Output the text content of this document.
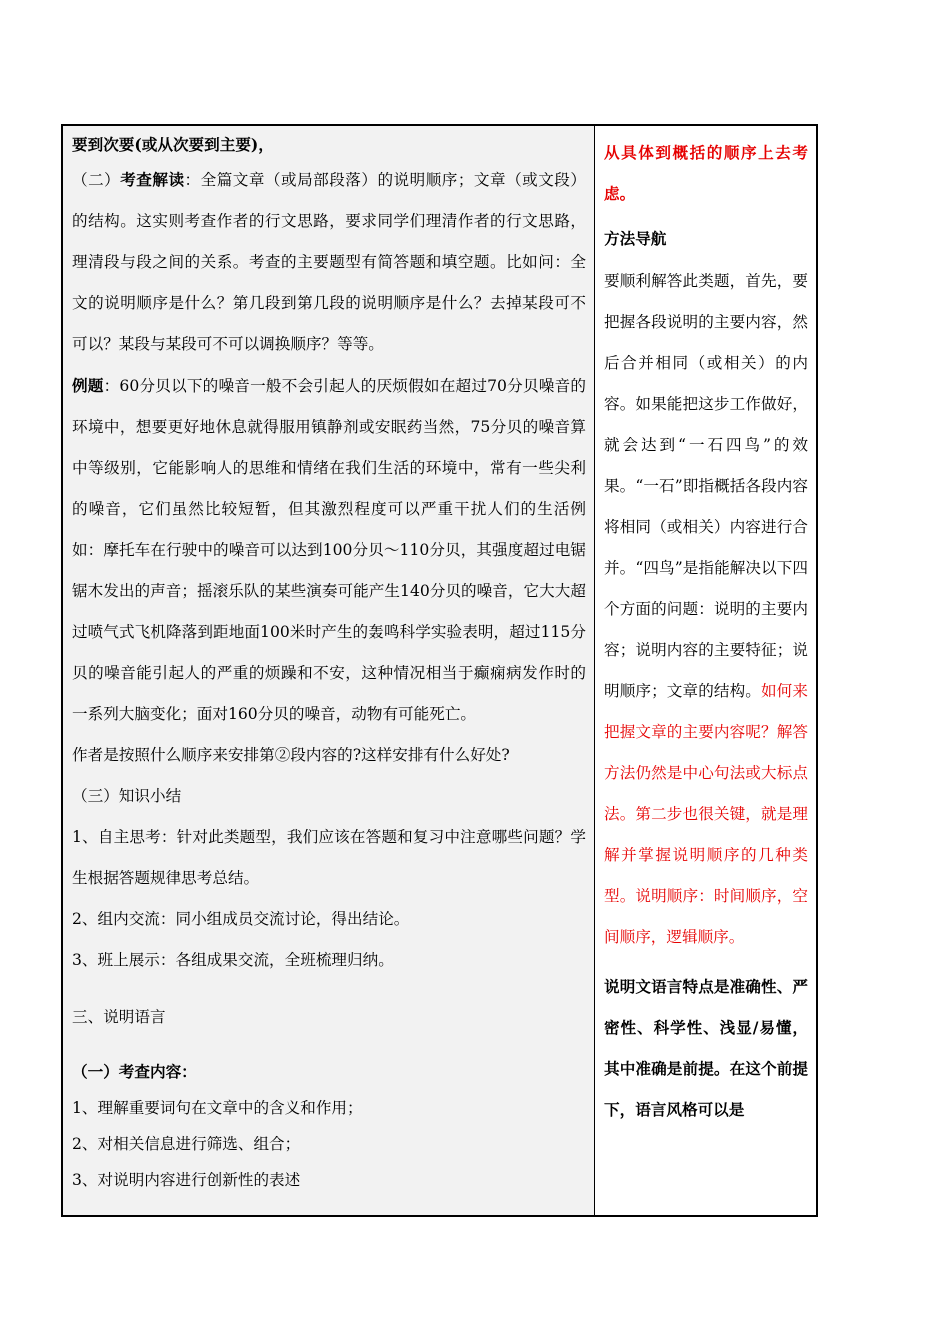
要到次要(或从次要到主要)，

（二）考查解读：全篇文章（或局部段落）的说明顺序；文章（或文段）的结构。这实则考查作者的行文思路，要求同学们理清作者的行文思路，理清段与段之间的关系。考查的主要题型有简答题和填空题。比如问：全文的说明顺序是什么？第几段到第几段的说明顺序是什么？去掉某段可不可以？某段与某段可不可以调换顺序？等等。

例题：60分贝以下的噪音一般不会引起人的厌烦假如在超过70分贝噪音的环境中，想要更好地休息就得服用镇静剂或安眠药当然，75分贝的噪音算中等级别，它能影响人的思维和情绪在我们生活的环境中，常有一些尖利的噪音，它们虽然比较短暂，但其激烈程度可以严重干扰人们的生活例如：摩托车在行驶中的噪音可以达到100分贝～110分贝，其强度超过电锯锯木发出的声音；摇滚乐队的某些演奏可能产生140分贝的噪音，它大大超过喷气式飞机降落到距地面100米时产生的轰鸣科学实验表明，超过115分贝的噪音能引起人的严重的烦躁和不安，这种情况相当于癫痫病发作时的一系列大脑变化；面对160分贝的噪音，动物有可能死亡。

作者是按照什么顺序来安排第②段内容的?这样安排有什么好处?

（三）知识小结

1、自主思考：针对此类题型，我们应该在答题和复习中注意哪些问题？学生根据答题规律思考总结。

2、组内交流：同小组成员交流讨论，得出结论。

3、班上展示：各组成果交流，全班梳理归纳。

三、说明语言

（一）考查内容：

1、理解重要词句在文章中的含义和作用；

2、对相关信息进行筛选、组合；

3、对说明内容进行创新性的表述

从具体到概括的顺序上去考虑。

方法导航

要顺利解答此类题，首先，要把握各段说明的主要内容，然后合并相同（或相关）的内容。如果能把这步工作做好，就会达到“一石四鸟”的效果。“一石”即指概括各段内容将相同（或相关）内容进行合并。“四鸟”是指能解决以下四个方面的问题：说明的主要内容；说明内容的主要特征；说明顺序；文章的结构。如何来把握文章的主要内容呢？解答方法仍然是中心句法或大标点法。第二步也很关键，就是理解并掌握说明顺序的几种类型。说明顺序：时间顺序，空间顺序，逻辑顺序。

说明文语言特点是准确性、严密性、科学性、浅显/易懂，其中准确是前提。在这个前提下，语言风格可以是
